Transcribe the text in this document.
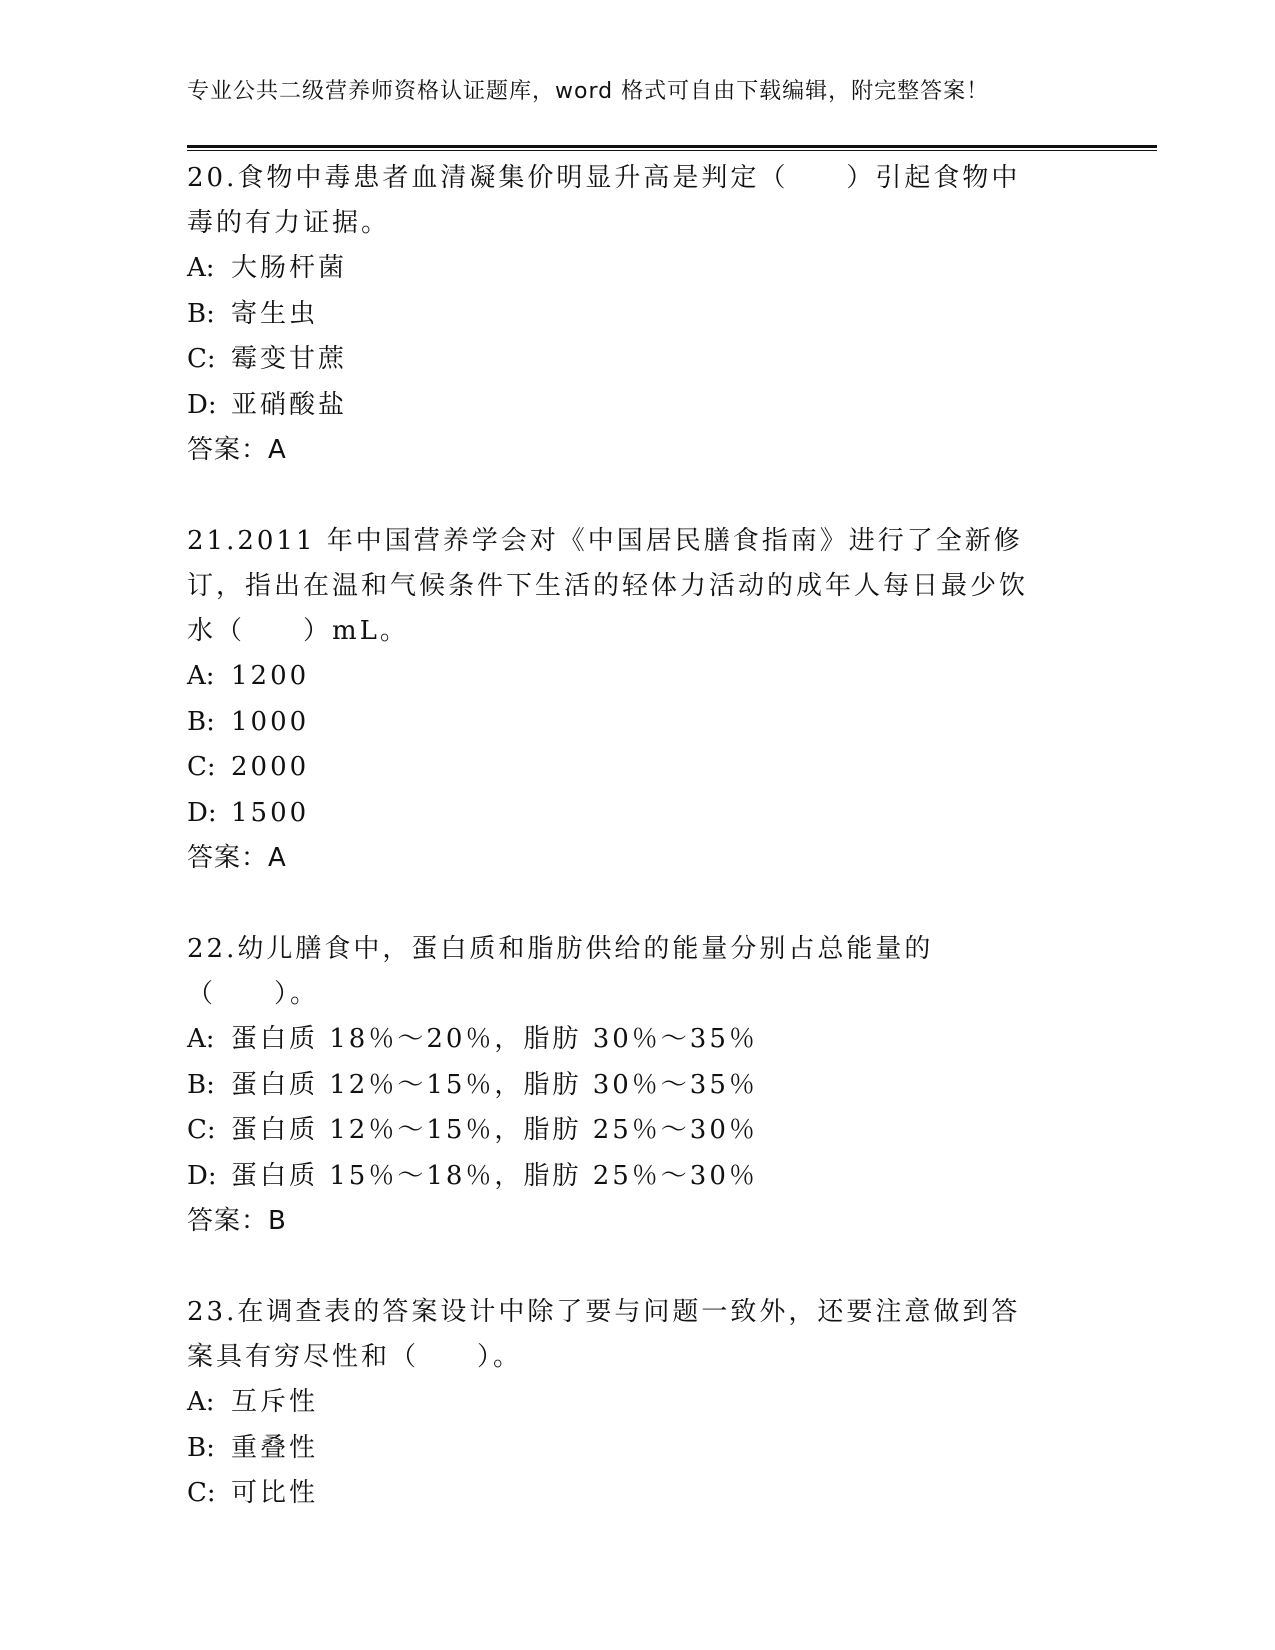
专业公共二级营养师资格认证题库，word 格式可自由下载编辑，附完整答案！

20.食物中毒患者血清凝集价明显升高是判定（　　）引起食物中毒的有力证据。

A: 大肠杆菌
B: 寄生虫
C: 霉变甘蔗
D: 亚硝酸盐
答案：A

21.2011 年中国营养学会对《中国居民膳食指南》进行了全新修订，指出在温和气候条件下生活的轻体力活动的成年人每日最少饮水（　　）mL。

A: 1200
B: 1000
C: 2000
D: 1500
答案：A

22.幼儿膳食中，蛋白质和脂肪供给的能量分别占总能量的（　　）。

A: 蛋白质 18％～20％，脂肪 30％～35％
B: 蛋白质 12％～15％，脂肪 30％～35％
C: 蛋白质 12％～15％，脂肪 25％～30％
D: 蛋白质 15％～18％，脂肪 25％～30％
答案：B

23.在调查表的答案设计中除了要与问题一致外，还要注意做到答案具有穷尽性和（　　）。

A: 互斥性
B: 重叠性
C: 可比性
